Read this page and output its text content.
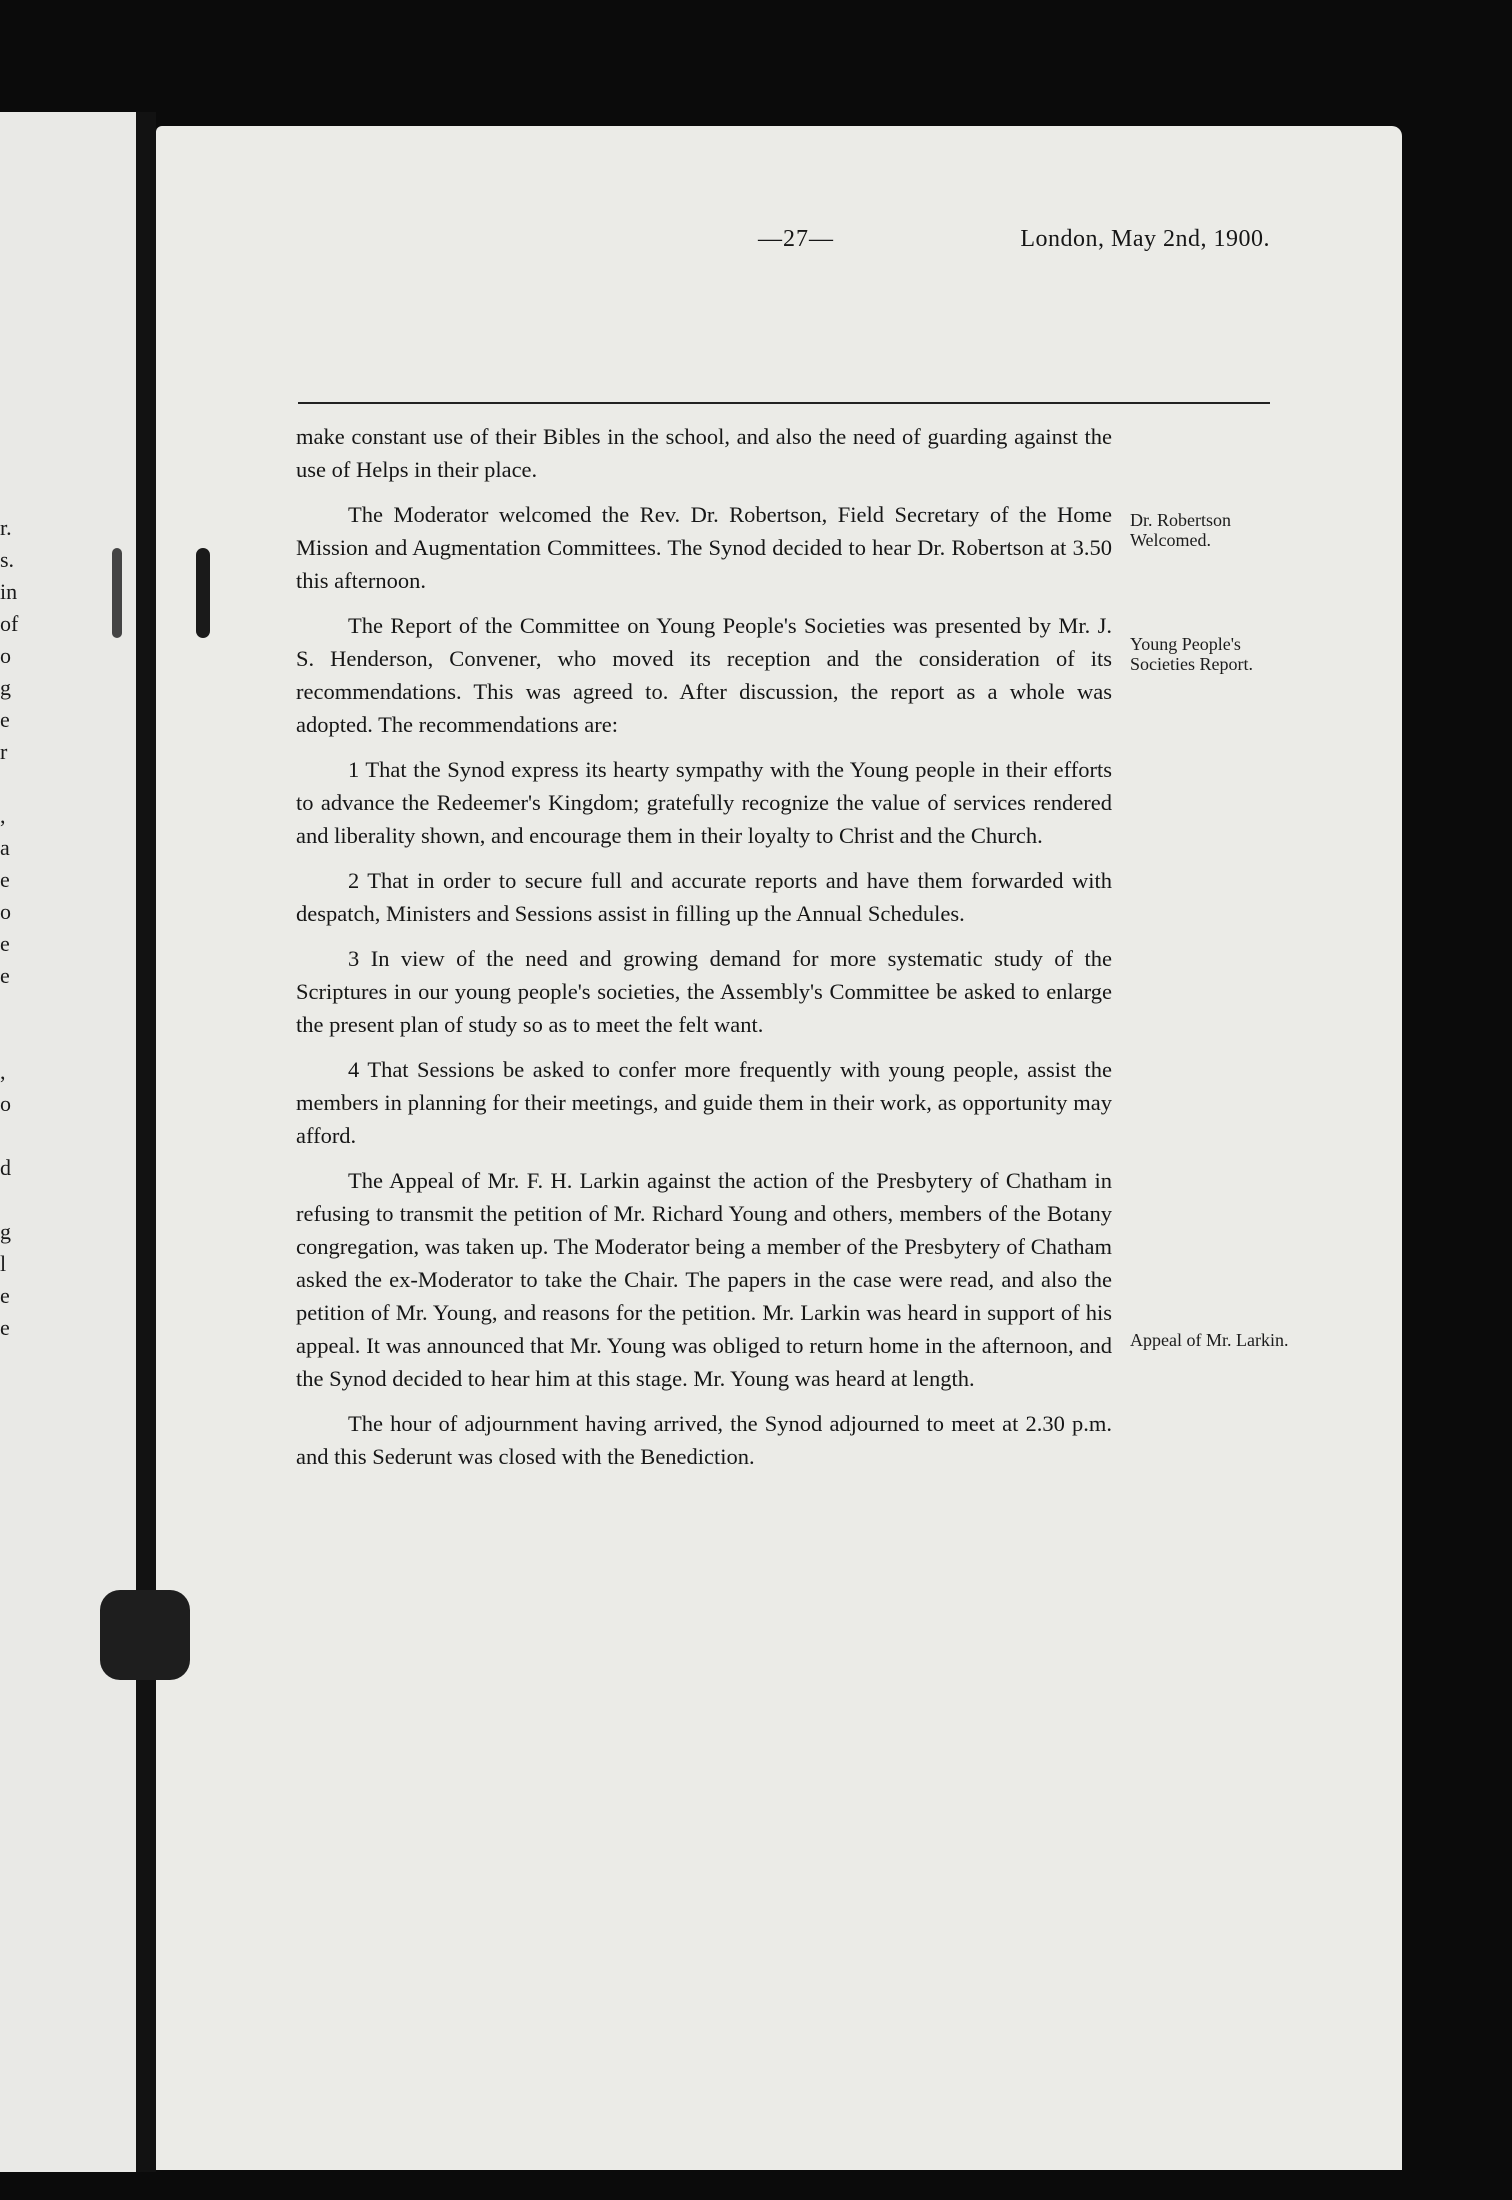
r.
s.
in
of
o
g
e
r

,
a
e
o
e
e

,
o

d

g
l
e
e
—27—	London, May 2nd, 1900.

make constant use of their Bibles in the school, and also the need of guarding against the use of Helps in their place.

The Moderator welcomed the Rev. Dr. Robertson, Field Secretary of the Home Mission and Augmentation Committees. The Synod decided to hear Dr. Robertson at 3.50 this afternoon.

The Report of the Committee on Young People's Societies was presented by Mr. J. S. Henderson, Convener, who moved its reception and the consideration of its recommendations. This was agreed to. After discussion, the report as a whole was adopted. The recommendations are:

1 That the Synod express its hearty sympathy with the Young people in their efforts to advance the Redeemer's Kingdom; gratefully recognize the value of services rendered and liberality shown, and encourage them in their loyalty to Christ and the Church.

2 That in order to secure full and accurate reports and have them forwarded with despatch, Ministers and Sessions assist in filling up the Annual Schedules.

3 In view of the need and growing demand for more systematic study of the Scriptures in our young people's societies, the Assembly's Committee be asked to enlarge the present plan of study so as to meet the felt want.

4 That Sessions be asked to confer more frequently with young people, assist the members in planning for their meetings, and guide them in their work, as opportunity may afford.

The Appeal of Mr. F. H. Larkin against the action of the Presbytery of Chatham in refusing to transmit the petition of Mr. Richard Young and others, members of the Botany congregation, was taken up. The Moderator being a member of the Presbytery of Chatham asked the ex-Moderator to take the Chair. The papers in the case were read, and also the petition of Mr. Young, and reasons for the petition. Mr. Larkin was heard in support of his appeal. It was announced that Mr. Young was obliged to return home in the afternoon, and the Synod decided to hear him at this stage. Mr. Young was heard at length.

The hour of adjournment having arrived, the Synod adjourned to meet at 2.30 p.m. and this Sederunt was closed with the Benediction.

Dr. Robertson Welcomed.
Young People's Societies Report.
Appeal of Mr. Larkin.
